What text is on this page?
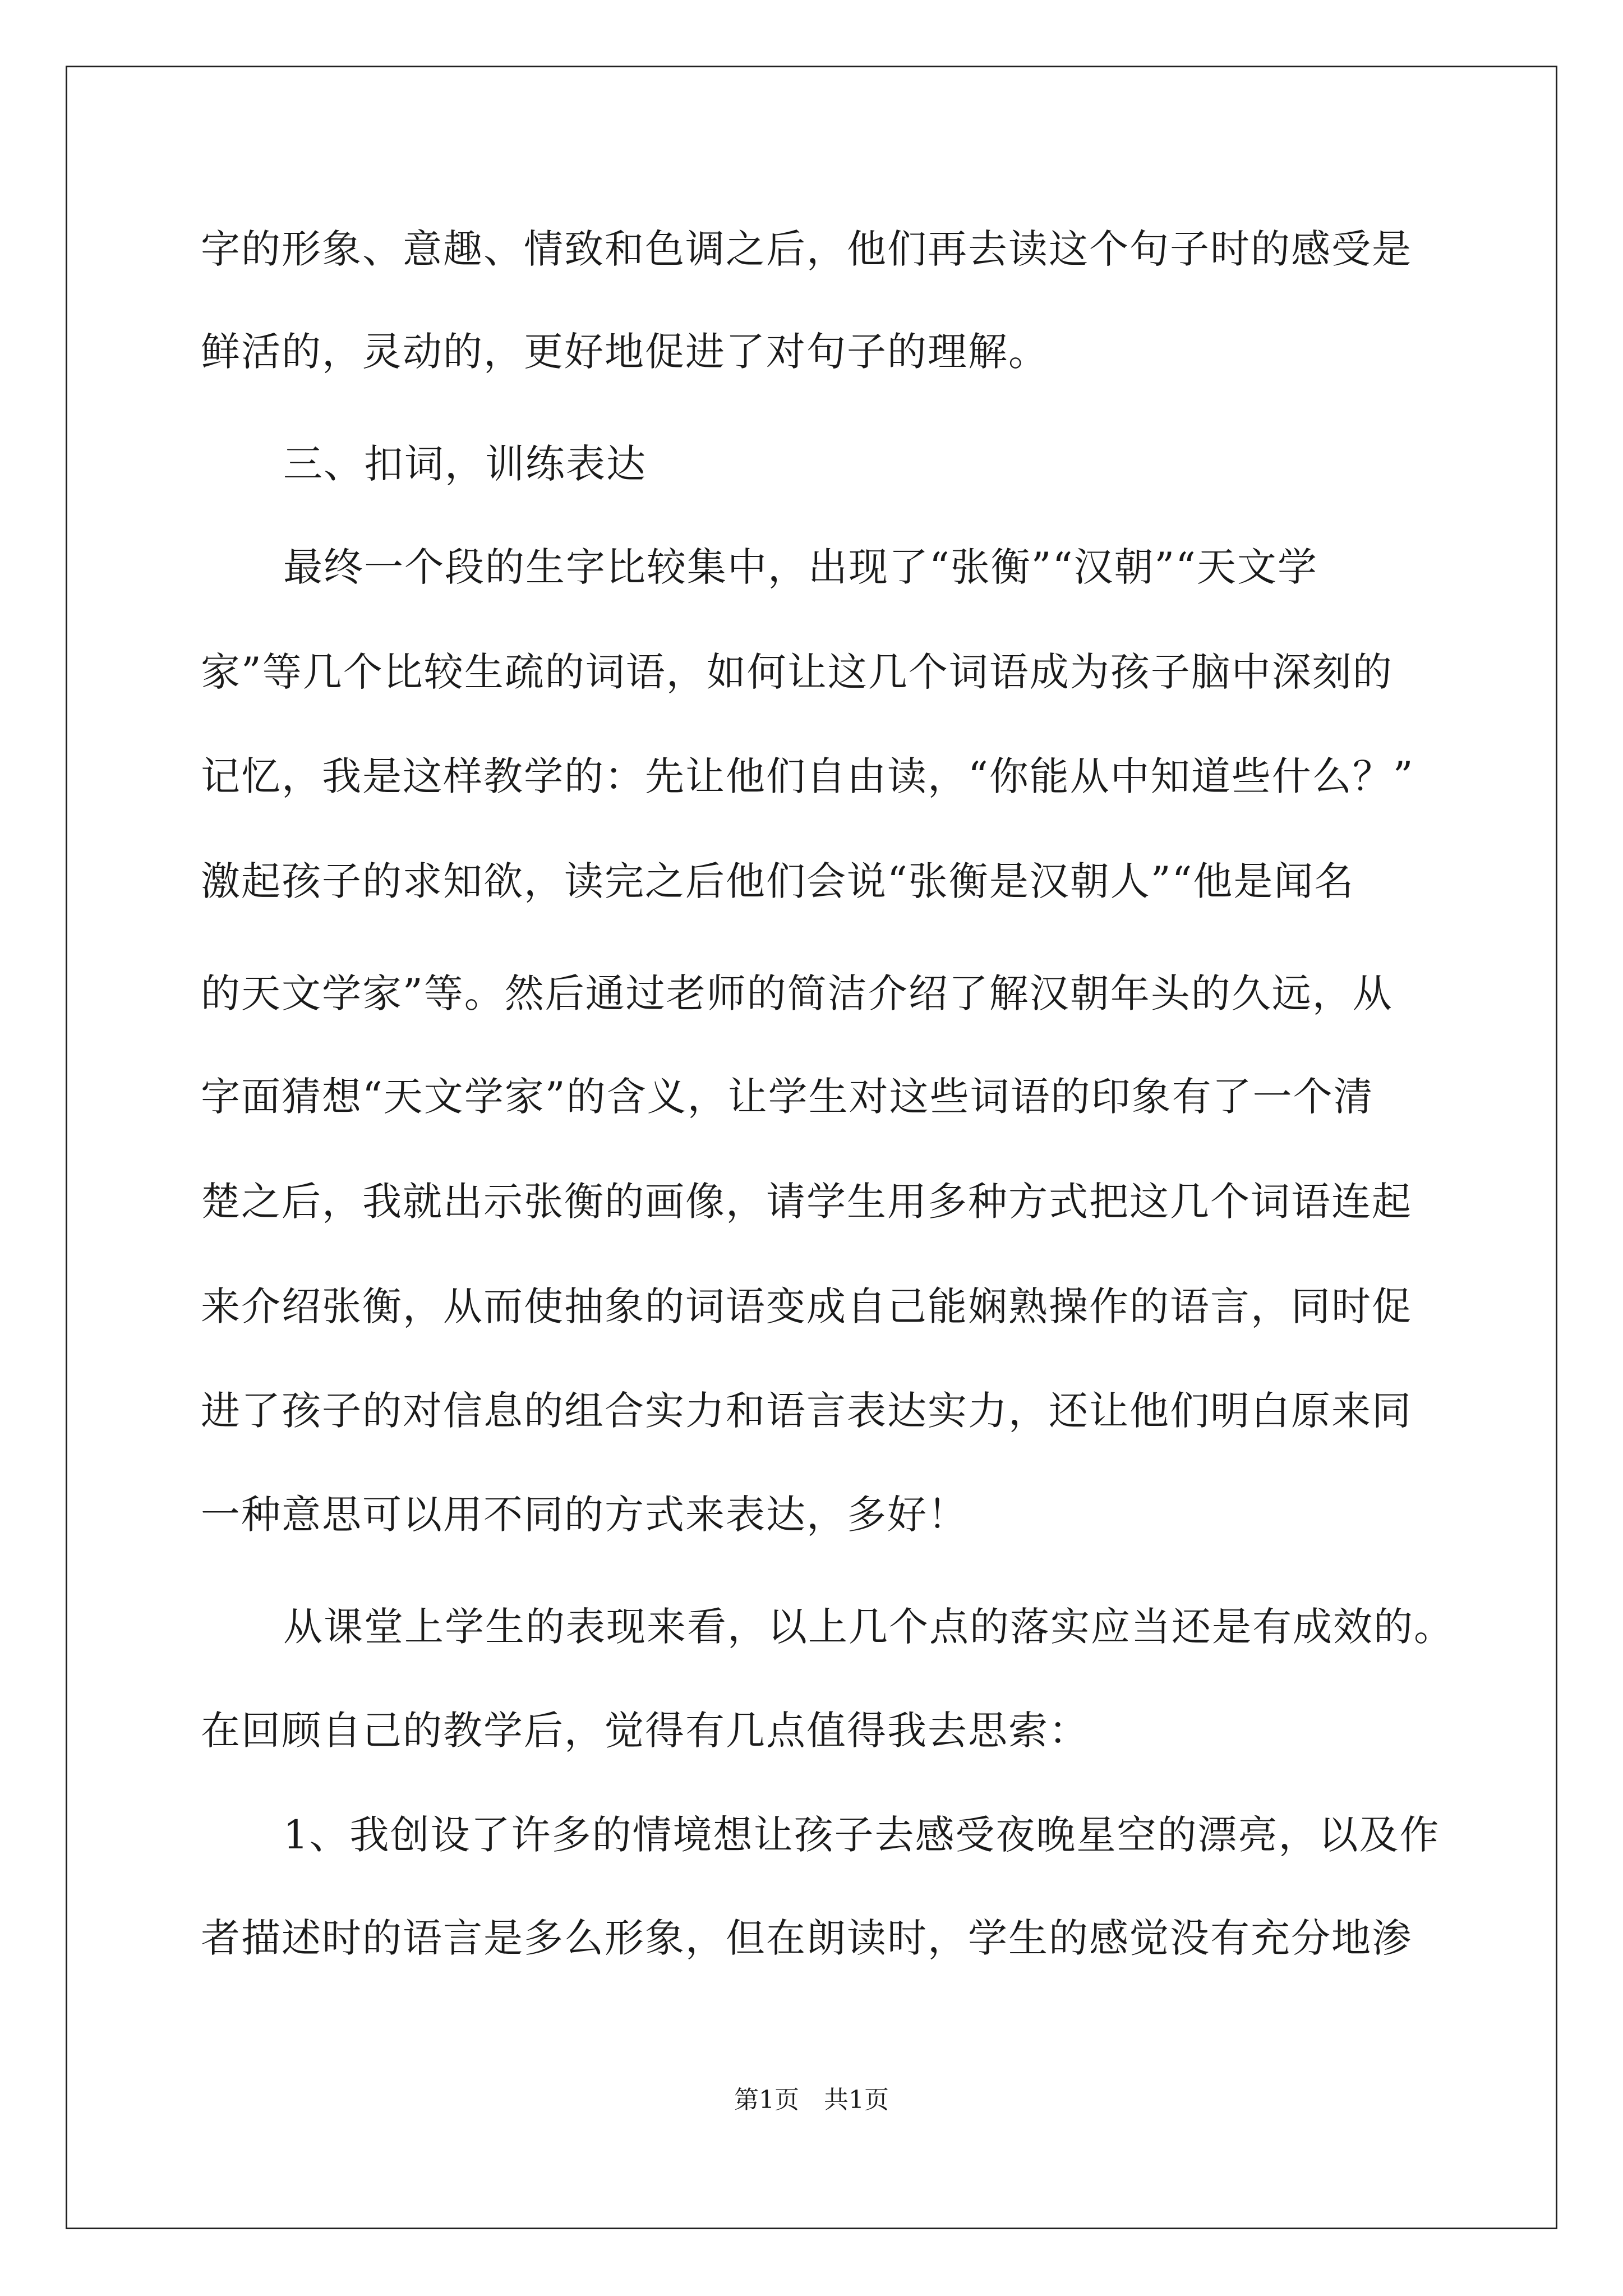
字的形象、意趣、情致和色调之后，他们再去读这个句子时的感受是
鲜活的，灵动的，更好地促进了对句子的理解。
三、扣词，训练表达
最终一个段的生字比较集中，出现了“张衡”“汉朝”“天文学
家”等几个比较生疏的词语，如何让这几个词语成为孩子脑中深刻的
记忆，我是这样教学的：先让他们自由读，“你能从中知道些什么？”
激起孩子的求知欲，读完之后他们会说“张衡是汉朝人”“他是闻名
的天文学家”等。然后通过老师的简洁介绍了解汉朝年头的久远，从
字面猜想“天文学家”的含义，让学生对这些词语的印象有了一个清
楚之后，我就出示张衡的画像，请学生用多种方式把这几个词语连起
来介绍张衡，从而使抽象的词语变成自己能娴熟操作的语言，同时促
进了孩子的对信息的组合实力和语言表达实力，还让他们明白原来同
一种意思可以用不同的方式来表达，多好！
从课堂上学生的表现来看，以上几个点的落实应当还是有成效的。
在回顾自己的教学后，觉得有几点值得我去思索：
1、我创设了许多的情境想让孩子去感受夜晚星空的漂亮，以及作
者描述时的语言是多么形象，但在朗读时，学生的感觉没有充分地渗
第1页　共1页
